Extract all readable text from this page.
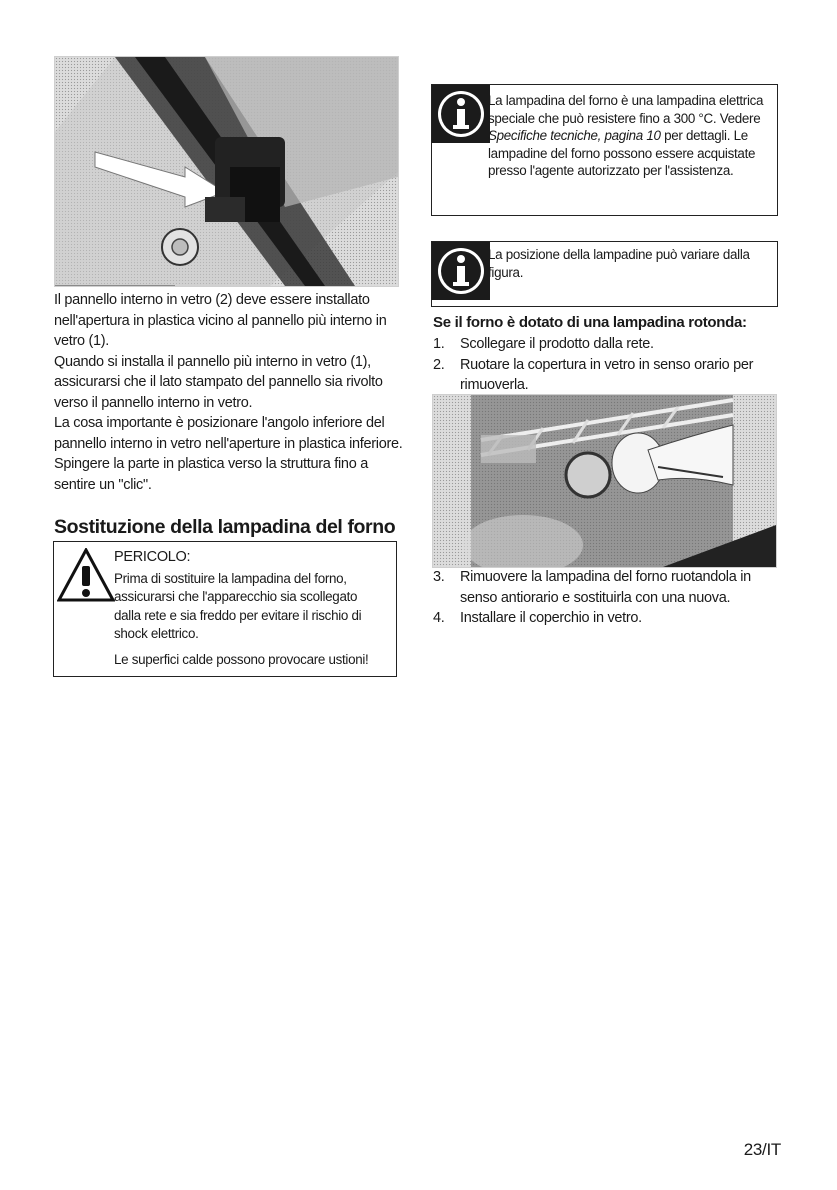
Il pannello interno in vetro (2) deve essere installato nell'apertura in plastica vicino al pannello più interno in vetro (1).
Quando si installa il pannello più interno in vetro (1), assicurarsi che il lato stampato del pannello sia rivolto verso il pannello interno in vetro.
La cosa importante è posizionare l'angolo inferiore del pannello interno in vetro nell'aperture in plastica inferiore.
Spingere la parte in plastica verso la struttura fino a sentire un "clic".
Sostituzione della lampadina del forno
PERICOLO:
Prima di sostituire la lampadina del forno, assicurarsi che l'apparecchio sia scollegato dalla rete e sia freddo per evitare il rischio di shock elettrico.
Le superfici calde possono provocare ustioni!
La lampadina del forno è una lampadina elettrica speciale che può resistere fino a 300 °C. Vedere Specifiche tecniche, pagina 10 per dettagli. Le lampadine del forno possono essere acquistate presso l'agente autorizzato per l'assistenza.
La posizione della lampadine può variare dalla figura.
Se il forno è dotato di una lampadina rotonda:
1. Scollegare il prodotto dalla rete.
2. Ruotare la copertura in vetro in senso orario per rimuoverla.
3. Rimuovere la lampadina del forno ruotandola in senso antiorario e sostituirla con una nuova.
4. Installare il coperchio in vetro.
23/IT
